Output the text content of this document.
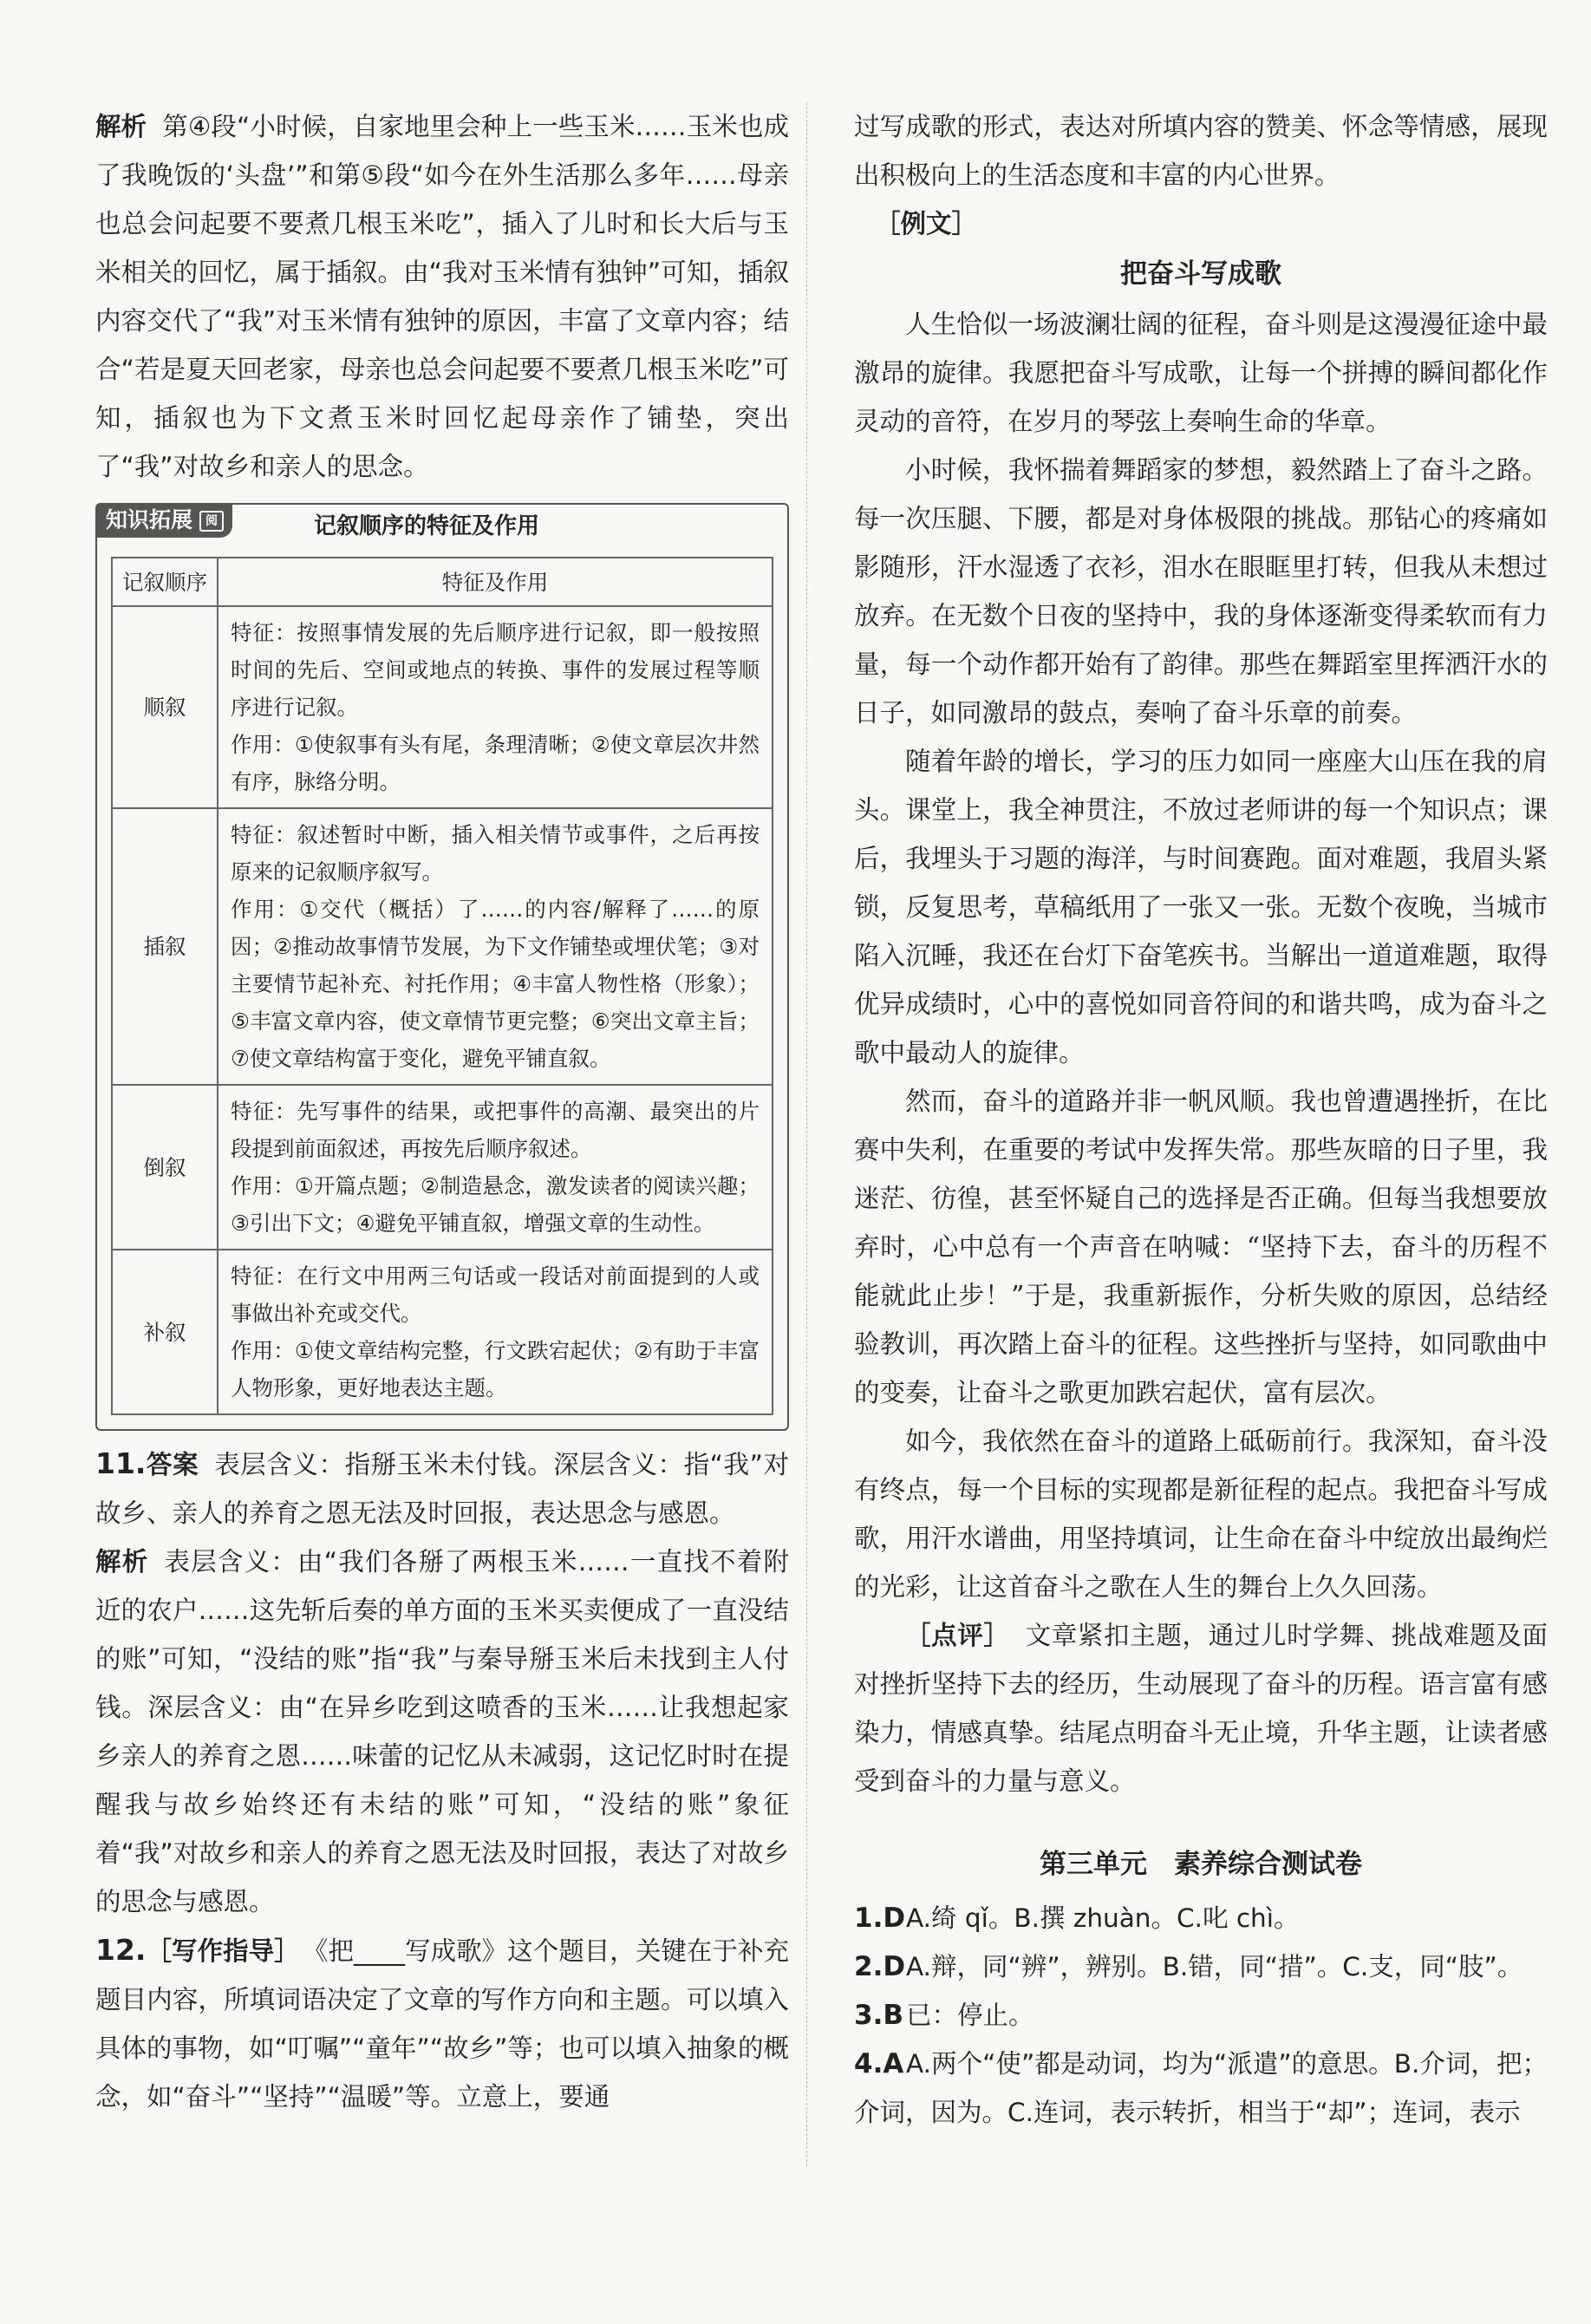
解析 第④段“小时候，自家地里会种上一些玉米……玉米也成了我晚饭的‘头盘’”和第⑤段“如今在外生活那么多年……母亲也总会问起要不要煮几根玉米吃”，插入了儿时和长大后与玉米相关的回忆，属于插叙。由“我对玉米情有独钟”可知，插叙内容交代了“我”对玉米情有独钟的原因，丰富了文章内容；结合“若是夏天回老家，母亲也总会问起要不要煮几根玉米吃”可知，插叙也为下文煮玉米时回忆起母亲作了铺垫，突出了“我”对故乡和亲人的思念。

知识拓展	阅	记叙顺序的特征及作用
记叙顺序	特征及作用
顺叙	特征：按照事情发展的先后顺序进行记叙，即一般按照时间的先后、空间或地点的转换、事件的发展过程等顺序进行记叙。
作用：①使叙事有头有尾，条理清晰；②使文章层次井然有序，脉络分明。

插叙	特征：叙述暂时中断，插入相关情节或事件，之后再按原来的记叙顺序叙写。
作用：①交代（概括）了……的内容/解释了……的原因；②推动故事情节发展，为下文作铺垫或埋伏笔；③对主要情节起补充、衬托作用；④丰富人物性格（形象）；⑤丰富文章内容，使文章情节更完整；⑥突出文章主旨；⑦使文章结构富于变化，避免平铺直叙。

倒叙	特征：先写事件的结果，或把事件的高潮、最突出的片段提到前面叙述，再按先后顺序叙述。
作用：①开篇点题；②制造悬念，激发读者的阅读兴趣；③引出下文；④避免平铺直叙，增强文章的生动性。

补叙	特征：在行文中用两三句话或一段话对前面提到的人或事做出补充或交代。
作用：①使文章结构完整，行文跌宕起伏；②有助于丰富人物形象，更好地表达主题。

11.答案 表层含义：指掰玉米未付钱。深层含义：指“我”对故乡、亲人的养育之恩无法及时回报，表达思念与感恩。

解析 表层含义：由“我们各掰了两根玉米……一直找不着附近的农户……这先斩后奏的单方面的玉米买卖便成了一直没结的账”可知，“没结的账”指“我”与秦导掰玉米后未找到主人付钱。深层含义：由“在异乡吃到这喷香的玉米……让我想起家乡亲人的养育之恩……味蕾的记忆从未减弱，这记忆时时在提醒我与故乡始终还有未结的账”可知，“没结的账”象征着“我”对故乡和亲人的养育之恩无法及时回报，表达了对故乡的思念与感恩。

12.［写作指导］ 《把____写成歌》这个题目，关键在于补充题目内容，所填词语决定了文章的写作方向和主题。可以填入具体的事物，如“叮嘱”“童年”“故乡”等；也可以填入抽象的概念，如“奋斗”“坚持”“温暖”等。立意上，要通

过写成歌的形式，表达对所填内容的赞美、怀念等情感，展现出积极向上的生活态度和丰富的内心世界。

［例文］

把奋斗写成歌

人生恰似一场波澜壮阔的征程，奋斗则是这漫漫征途中最激昂的旋律。我愿把奋斗写成歌，让每一个拼搏的瞬间都化作灵动的音符，在岁月的琴弦上奏响生命的华章。

小时候，我怀揣着舞蹈家的梦想，毅然踏上了奋斗之路。每一次压腿、下腰，都是对身体极限的挑战。那钻心的疼痛如影随形，汗水湿透了衣衫，泪水在眼眶里打转，但我从未想过放弃。在无数个日夜的坚持中，我的身体逐渐变得柔软而有力量，每一个动作都开始有了韵律。那些在舞蹈室里挥洒汗水的日子，如同激昂的鼓点，奏响了奋斗乐章的前奏。

随着年龄的增长，学习的压力如同一座座大山压在我的肩头。课堂上，我全神贯注，不放过老师讲的每一个知识点；课后，我埋头于习题的海洋，与时间赛跑。面对难题，我眉头紧锁，反复思考，草稿纸用了一张又一张。无数个夜晚，当城市陷入沉睡，我还在台灯下奋笔疾书。当解出一道道难题，取得优异成绩时，心中的喜悦如同音符间的和谐共鸣，成为奋斗之歌中最动人的旋律。

然而，奋斗的道路并非一帆风顺。我也曾遭遇挫折，在比赛中失利，在重要的考试中发挥失常。那些灰暗的日子里，我迷茫、彷徨，甚至怀疑自己的选择是否正确。但每当我想要放弃时，心中总有一个声音在呐喊：“坚持下去，奋斗的历程不能就此止步！”于是，我重新振作，分析失败的原因，总结经验教训，再次踏上奋斗的征程。这些挫折与坚持，如同歌曲中的变奏，让奋斗之歌更加跌宕起伏，富有层次。

如今，我依然在奋斗的道路上砥砺前行。我深知，奋斗没有终点，每一个目标的实现都是新征程的起点。我把奋斗写成歌，用汗水谱曲，用坚持填词，让生命在奋斗中绽放出最绚烂的光彩，让这首奋斗之歌在人生的舞台上久久回荡。

［点评］ 文章紧扣主题，通过儿时学舞、挑战难题及面对挫折坚持下去的经历，生动展现了奋斗的历程。语言富有感染力，情感真挚。结尾点明奋斗无止境，升华主题，让读者感受到奋斗的力量与意义。

第三单元　素养综合测试卷

1.DA.绮 qǐ。B.撰 zhuàn。C.叱 chì。

2.DA.辩，同“辨”，辨别。B.错，同“措”。C.支，同“肢”。

3.B 已：停止。

4.AA.两个“使”都是动词，均为“派遣”的意思。B.介词，把；介词，因为。C.连词，表示转折，相当于“却”；连词，表示
